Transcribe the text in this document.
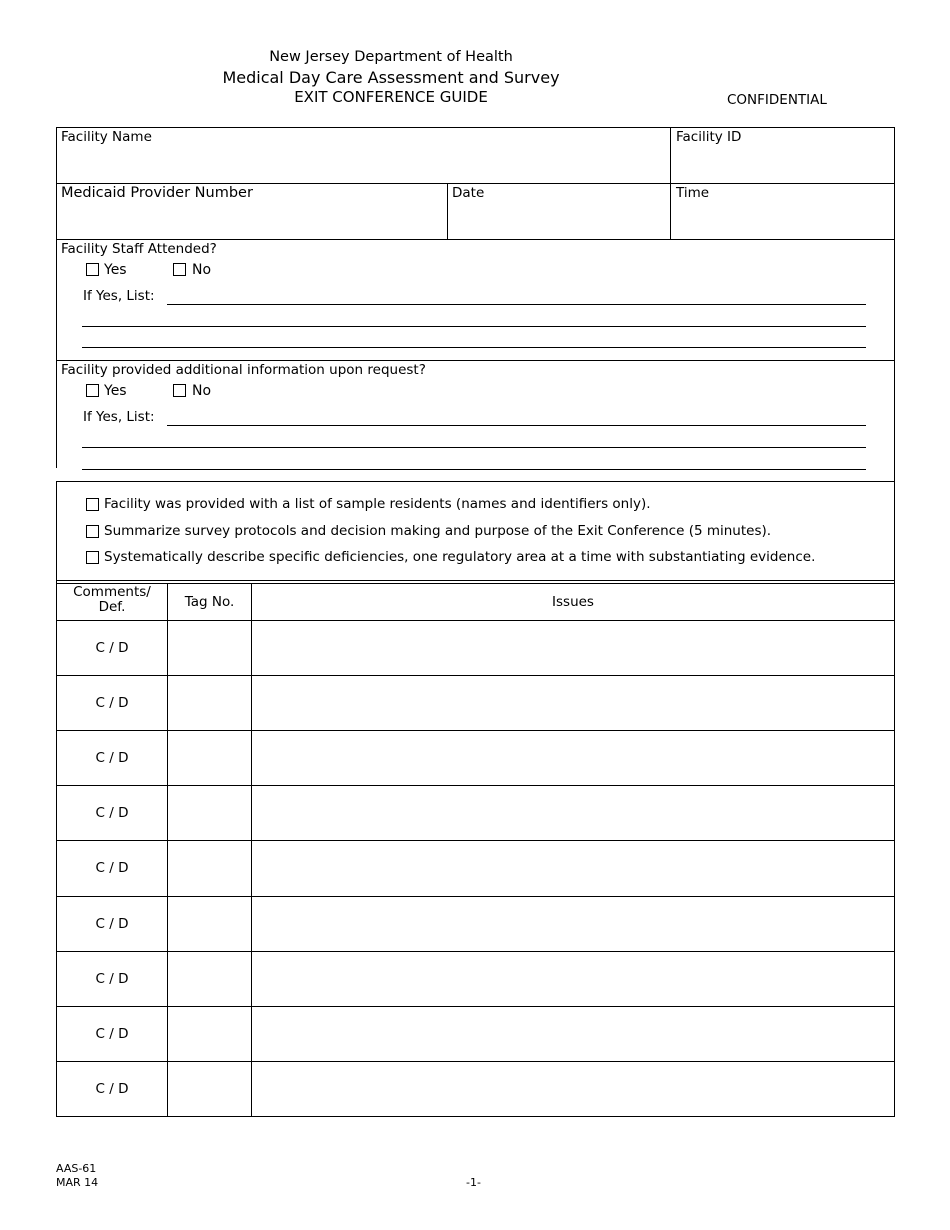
New Jersey Department of Health
Medical Day Care Assessment and Survey
EXIT CONFERENCE GUIDE	CONFIDENTIAL
Facility Name	Facility ID
Medicaid Provider Number	Date	Time
Facility Staff Attended?
Yes	No
If Yes, List:
Facility provided additional information upon request?
Yes	No
If Yes, List:
Facility was provided with a list of sample residents (names and identifiers only).
Summarize survey protocols and decision making and purpose of the Exit Conference (5 minutes).
Systematically describe specific deficiencies, one regulatory area at a time with substantiating evidence.
Comments/
Def.	Tag No.	Issues
C / D
C / D
C / D
C / D
C / D
C / D
C / D
C / D
C / D
AAS-61
MAR 14	-1-
